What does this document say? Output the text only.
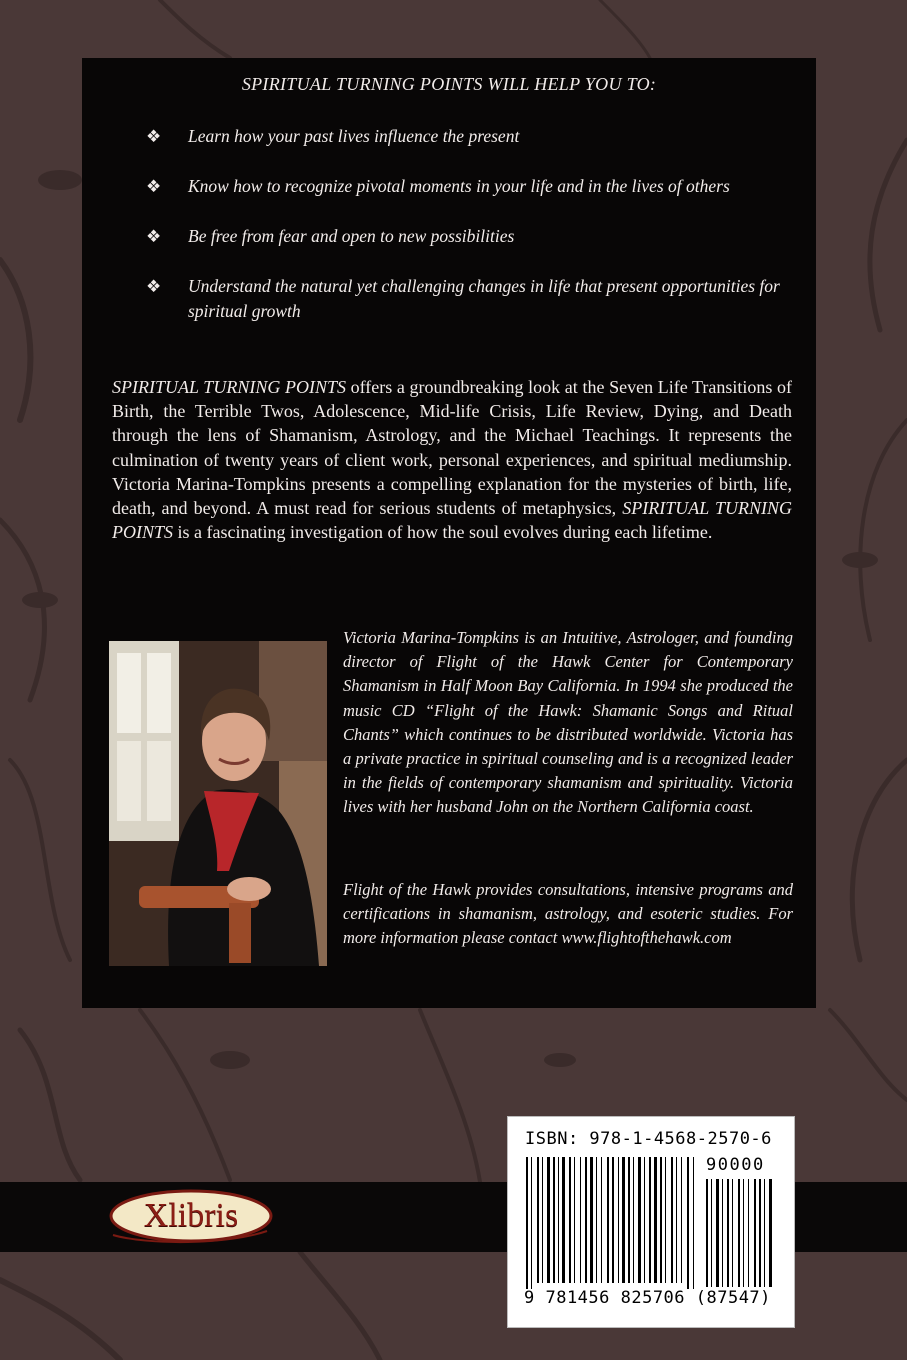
SPIRITUAL TURNING POINTS WILL HELP YOU TO:
❖ Learn how your past lives influence the present
❖ Know how to recognize pivotal moments in your life and in the lives of others
❖ Be free from fear and open to new possibilities
❖ Understand the natural yet challenging changes in life that present opportunities for spiritual growth

SPIRITUAL TURNING POINTS offers a groundbreaking look at the Seven Life Transitions of Birth, the Terrible Twos, Adolescence, Mid-life Crisis, Life Review, Dying, and Death through the lens of Shamanism, Astrology, and the Michael Teachings. It represents the culmination of twenty years of client work, personal experiences, and spiritual mediumship. Victoria Marina-Tompkins presents a compelling explanation for the mysteries of birth, life, death, and beyond. A must read for serious students of metaphysics, SPIRITUAL TURNING POINTS is a fascinating investigation of how the soul evolves during each lifetime.

Victoria Marina-Tompkins is an Intuitive, Astrologer, and founding director of Flight of the Hawk Center for Contemporary Shamanism in Half Moon Bay California. In 1994 she produced the music CD “Flight of the Hawk: Shamanic Songs and Ritual Chants” which continues to be distributed worldwide. Victoria has a private practice in spiritual counseling and is a recognized leader in the fields of contemporary shamanism and spirituality. Victoria lives with her husband John on the Northern California coast.

Flight of the Hawk provides consultations, intensive programs and certifications in shamanism, astrology, and esoteric studies. For more information please contact www.flightofthehawk.com

Xlibris
ISBN: 978-1-4568-2570-6
90000
9 781456 825706 (87547)
